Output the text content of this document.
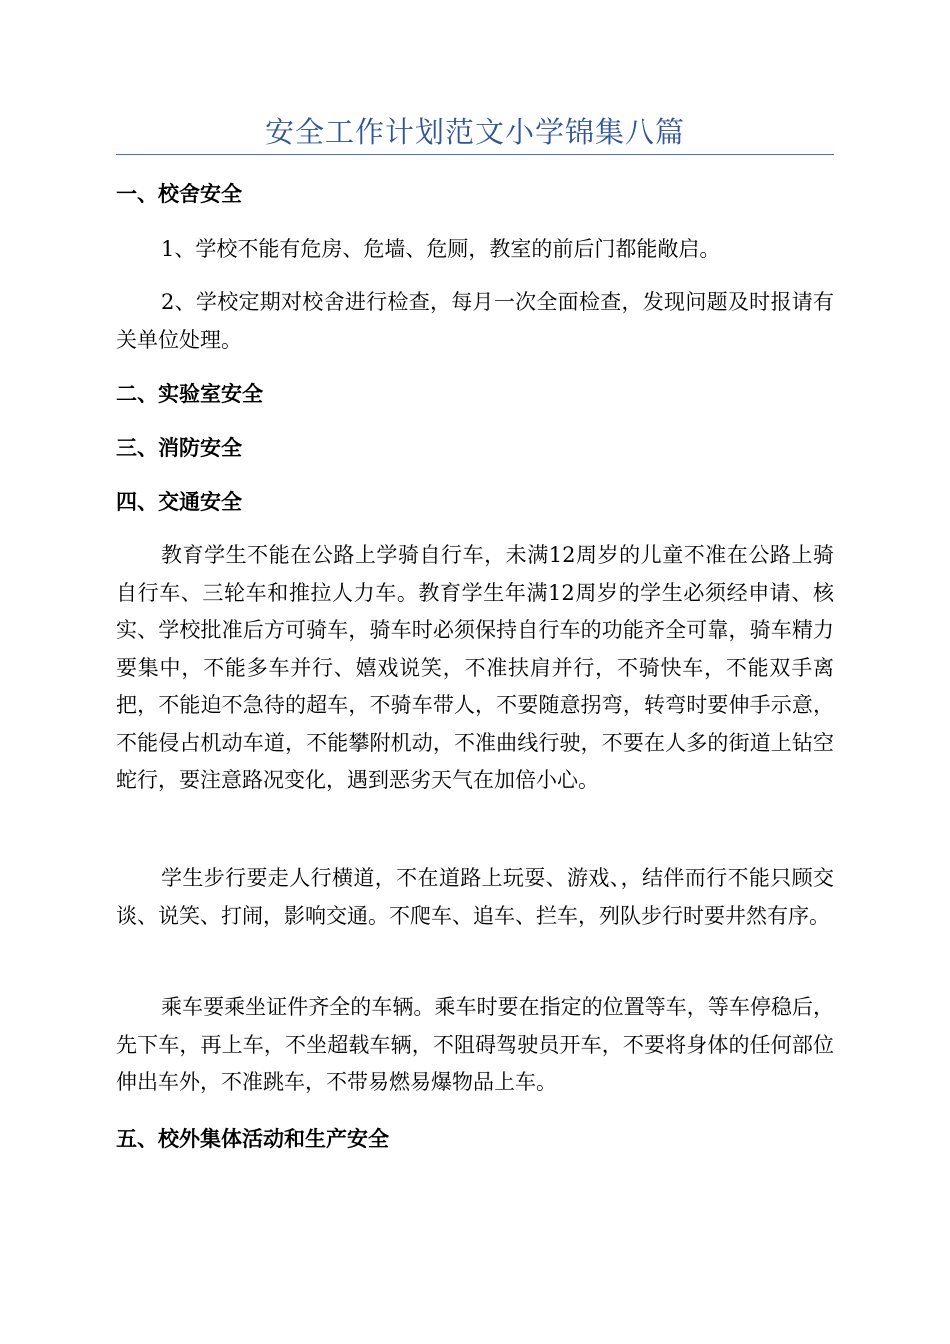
安全工作计划范文小学锦集八篇
一、校舍安全

1、学校不能有危房、危墙、危厕，教室的前后门都能敞启。

2、学校定期对校舍进行检查，每月一次全面检查，发现问题及时报请有关单位处理。

二、实验室安全
三、消防安全
四、交通安全

教育学生不能在公路上学骑自行车，未满12周岁的儿童不准在公路上骑自行车、三轮车和推拉人力车。教育学生年满12周岁的学生必须经申请、核实、学校批准后方可骑车，骑车时必须保持自行车的功能齐全可靠，骑车精力要集中，不能多车并行、嬉戏说笑，不准扶肩并行，不骑快车，不能双手离把，不能迫不急待的超车，不骑车带人，不要随意拐弯，转弯时要伸手示意，不能侵占机动车道，不能攀附机动，不准曲线行驶，不要在人多的街道上钻空蛇行，要注意路况变化，遇到恶劣天气在加倍小心。

学生步行要走人行横道，不在道路上玩耍、游戏、，结伴而行不能只顾交谈、说笑、打闹，影响交通。不爬车、追车、拦车，列队步行时要井然有序。

乘车要乘坐证件齐全的车辆。乘车时要在指定的位置等车，等车停稳后，先下车，再上车，不坐超载车辆，不阻碍驾驶员开车，不要将身体的任何部位伸出车外，不准跳车，不带易燃易爆物品上车。

五、校外集体活动和生产安全
